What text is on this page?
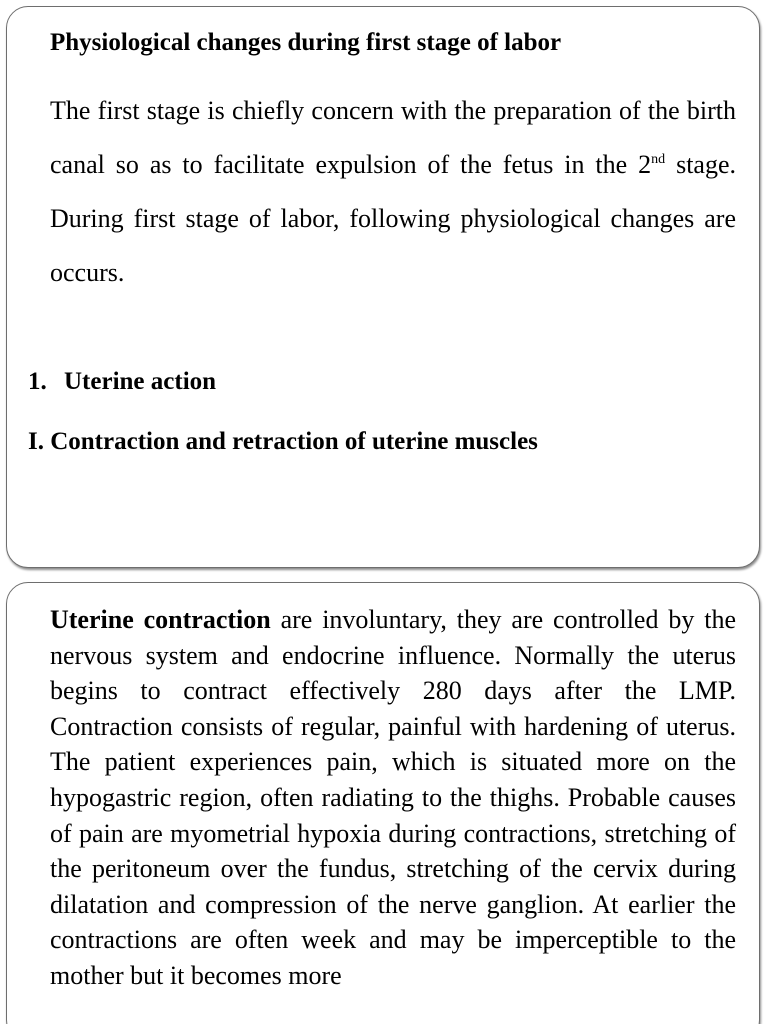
Physiological changes during first stage of labor

The first stage is chiefly concern with the preparation of the birth canal so as to facilitate expulsion of the fetus in the 2nd stage. During first stage of labor, following physiological changes are occurs.

1. Uterine action
I. Contraction and retraction of uterine muscles

Uterine contraction are involuntary, they are controlled by the nervous system and endocrine influence. Normally the uterus begins to contract effectively 280 days after the LMP. Contraction consists of regular, painful with hardening of uterus. The patient experiences pain, which is situated more on the hypogastric region, often radiating to the thighs. Probable causes of pain are myometrial hypoxia during contractions, stretching of the peritoneum over the fundus, stretching of the cervix during dilatation and compression of the nerve ganglion. At earlier the contractions are often week and may be imperceptible to the mother but it becomes more
